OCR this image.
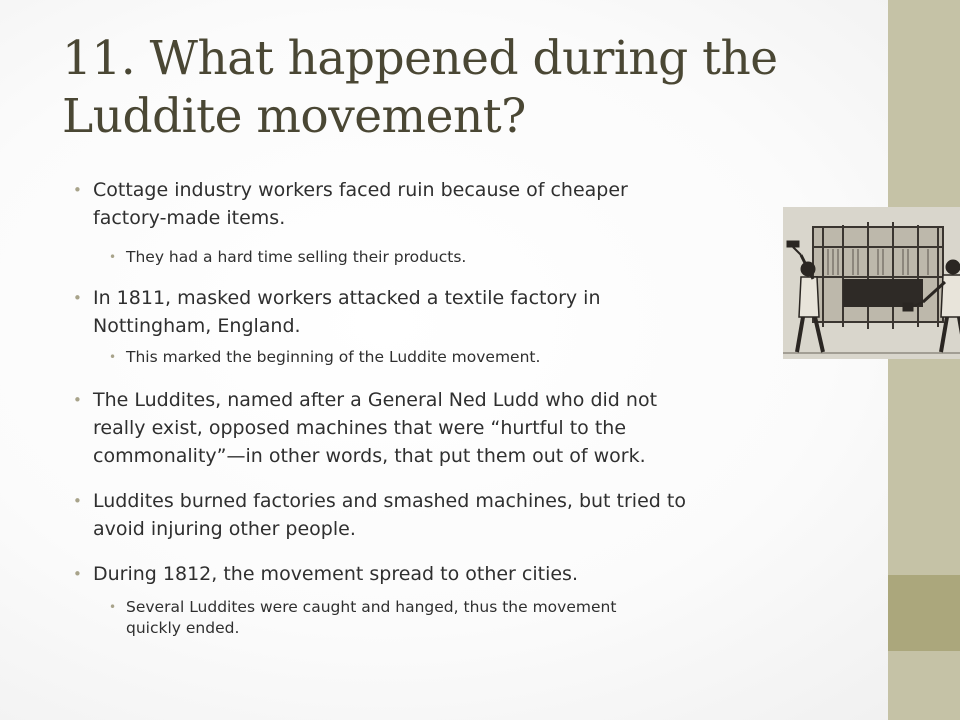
11. What happened during the
Luddite movement?
• Cottage industry workers faced ruin because of cheaper
factory-made items.
• They had a hard time selling their products.
• In 1811, masked workers attacked a textile factory in
Nottingham, England.
• This marked the beginning of the Luddite movement.
• The Luddites, named after a General Ned Ludd who did not
really exist, opposed machines that were “hurtful to the
commonality”—in other words, that put them out of work.
• Luddites burned factories and smashed machines, but tried to
avoid injuring other people.
• During 1812, the movement spread to other cities.
• Several Luddites were caught and hanged, thus the movement
quickly ended.
